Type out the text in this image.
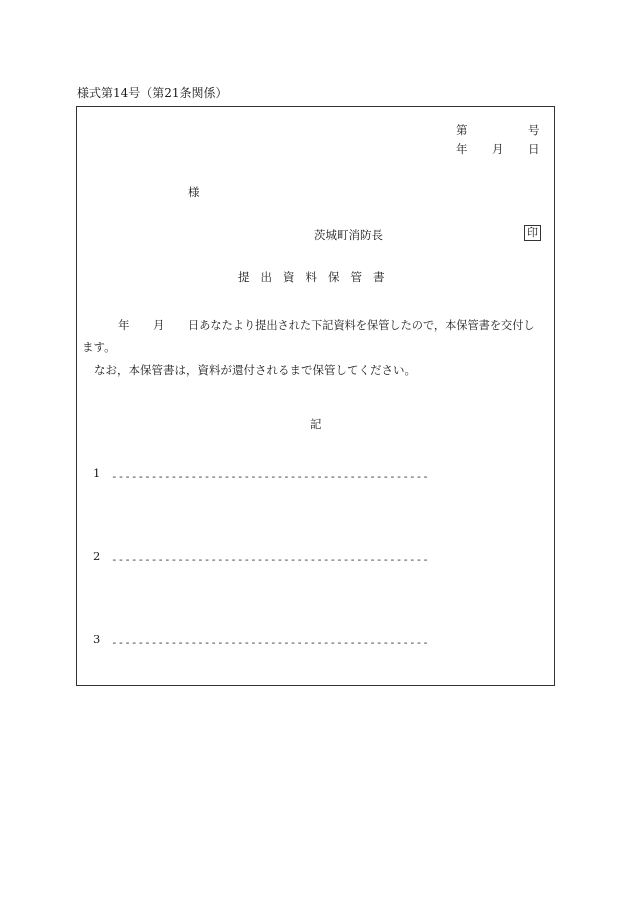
様式第14号（第21条関係）
第	号
年 月 日
様
茨城町消防長	印
提 出 資 料 保 管 書
年 月 日あなたより提出された下記資料を保管したので，本保管書を交付し
ます。
なお，本保管書は，資料が還付されるまで保管してください。
記
1 ------------------------------------------------
2 ------------------------------------------------
3 ------------------------------------------------
